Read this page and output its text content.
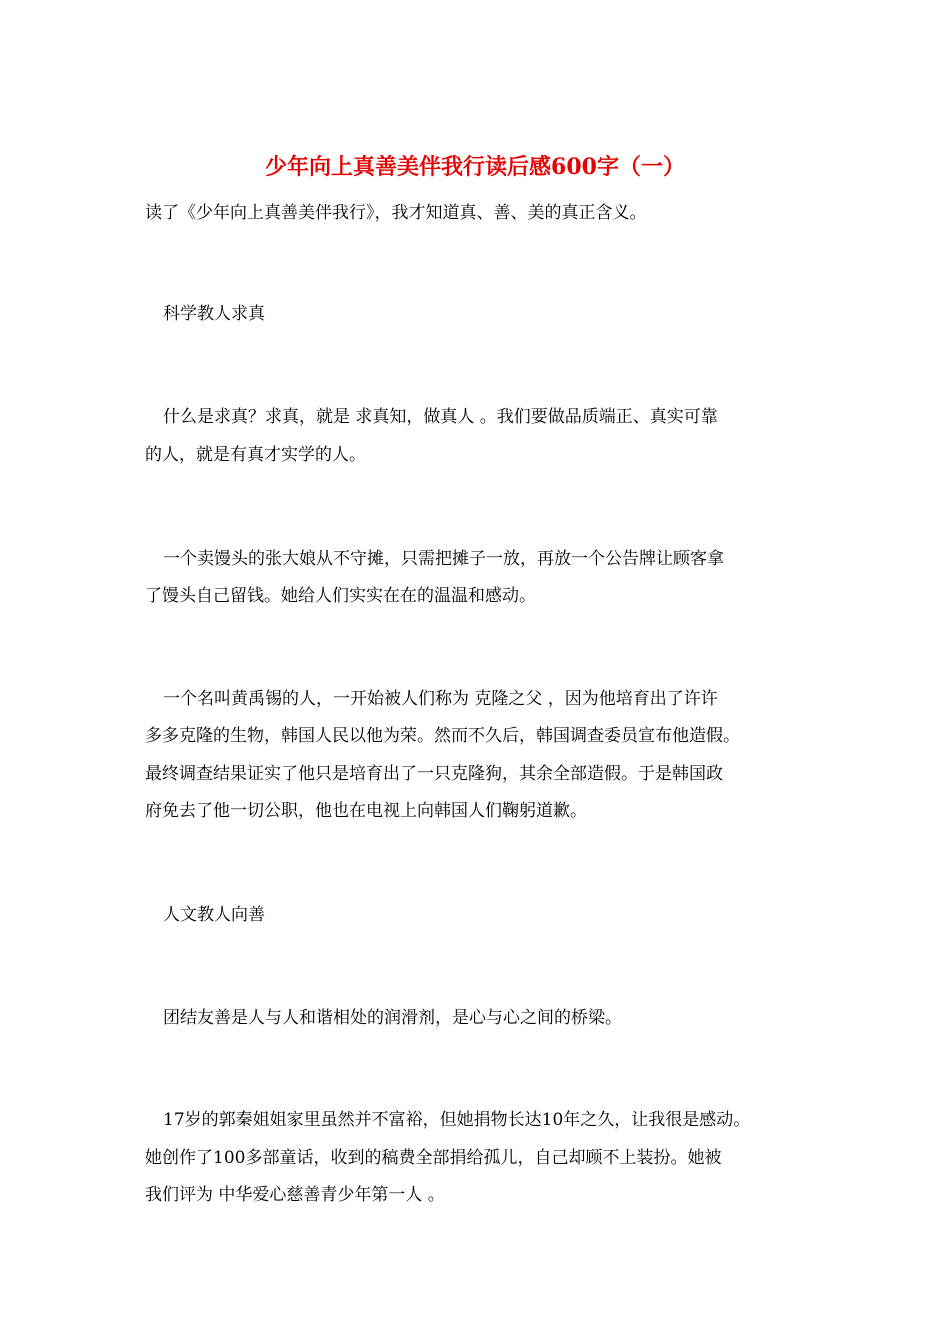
少年向上真善美伴我行读后感600字（一）
读了《少年向上真善美伴我行》，我才知道真、善、美的真正含义。
科学教人求真
什么是求真？求真，就是 求真知，做真人 。我们要做品质端正、真实可靠
的人，就是有真才实学的人。
一个卖馒头的张大娘从不守摊，只需把摊子一放，再放一个公告牌让顾客拿
了馒头自己留钱。她给人们实实在在的温温和感动。
一个名叫黄禹锡的人，一开始被人们称为 克隆之父 ，因为他培育出了许许
多多克隆的生物，韩国人民以他为荣。然而不久后，韩国调查委员宣布他造假。
最终调查结果证实了他只是培育出了一只克隆狗，其余全部造假。于是韩国政
府免去了他一切公职，他也在电视上向韩国人们鞠躬道歉。
人文教人向善
团结友善是人与人和谐相处的润滑剂，是心与心之间的桥梁。
17岁的郭秦姐姐家里虽然并不富裕，但她捐物长达10年之久，让我很是感动。
她创作了100多部童话，收到的稿费全部捐给孤儿，自己却顾不上装扮。她被
我们评为 中华爱心慈善青少年第一人 。
